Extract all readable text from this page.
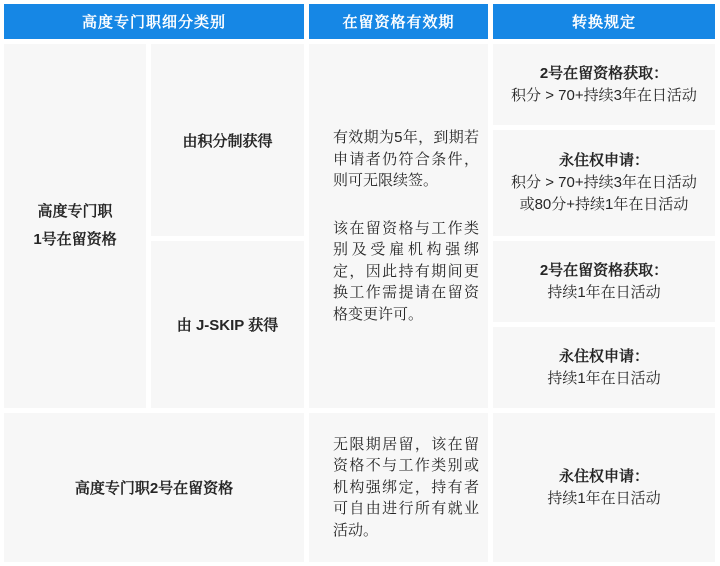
高度专门职细分类别	在留资格有效期	转换规定
高度专门职
1号在留资格
由积分制获得
由 J-SKIP 获得

有效期为5年，到期若申请者仍符合条件，则可无限续签。

该在留资格与工作类别及受雇机构强绑定，因此持有期间更换工作需提请在留资格变更许可。

2号在留资格获取：
积分 > 70+持续3年在日活动
永住权申请：
积分 > 70+持续3年在日活动
或80分+持续1年在日活动
2号在留资格获取：
持续1年在日活动
永住权申请：
持续1年在日活动
高度专门职2号在留资格

无限期居留，该在留资格不与工作类别或机构强绑定，持有者可自由进行所有就业活动。

永住权申请：
持续1年在日活动
